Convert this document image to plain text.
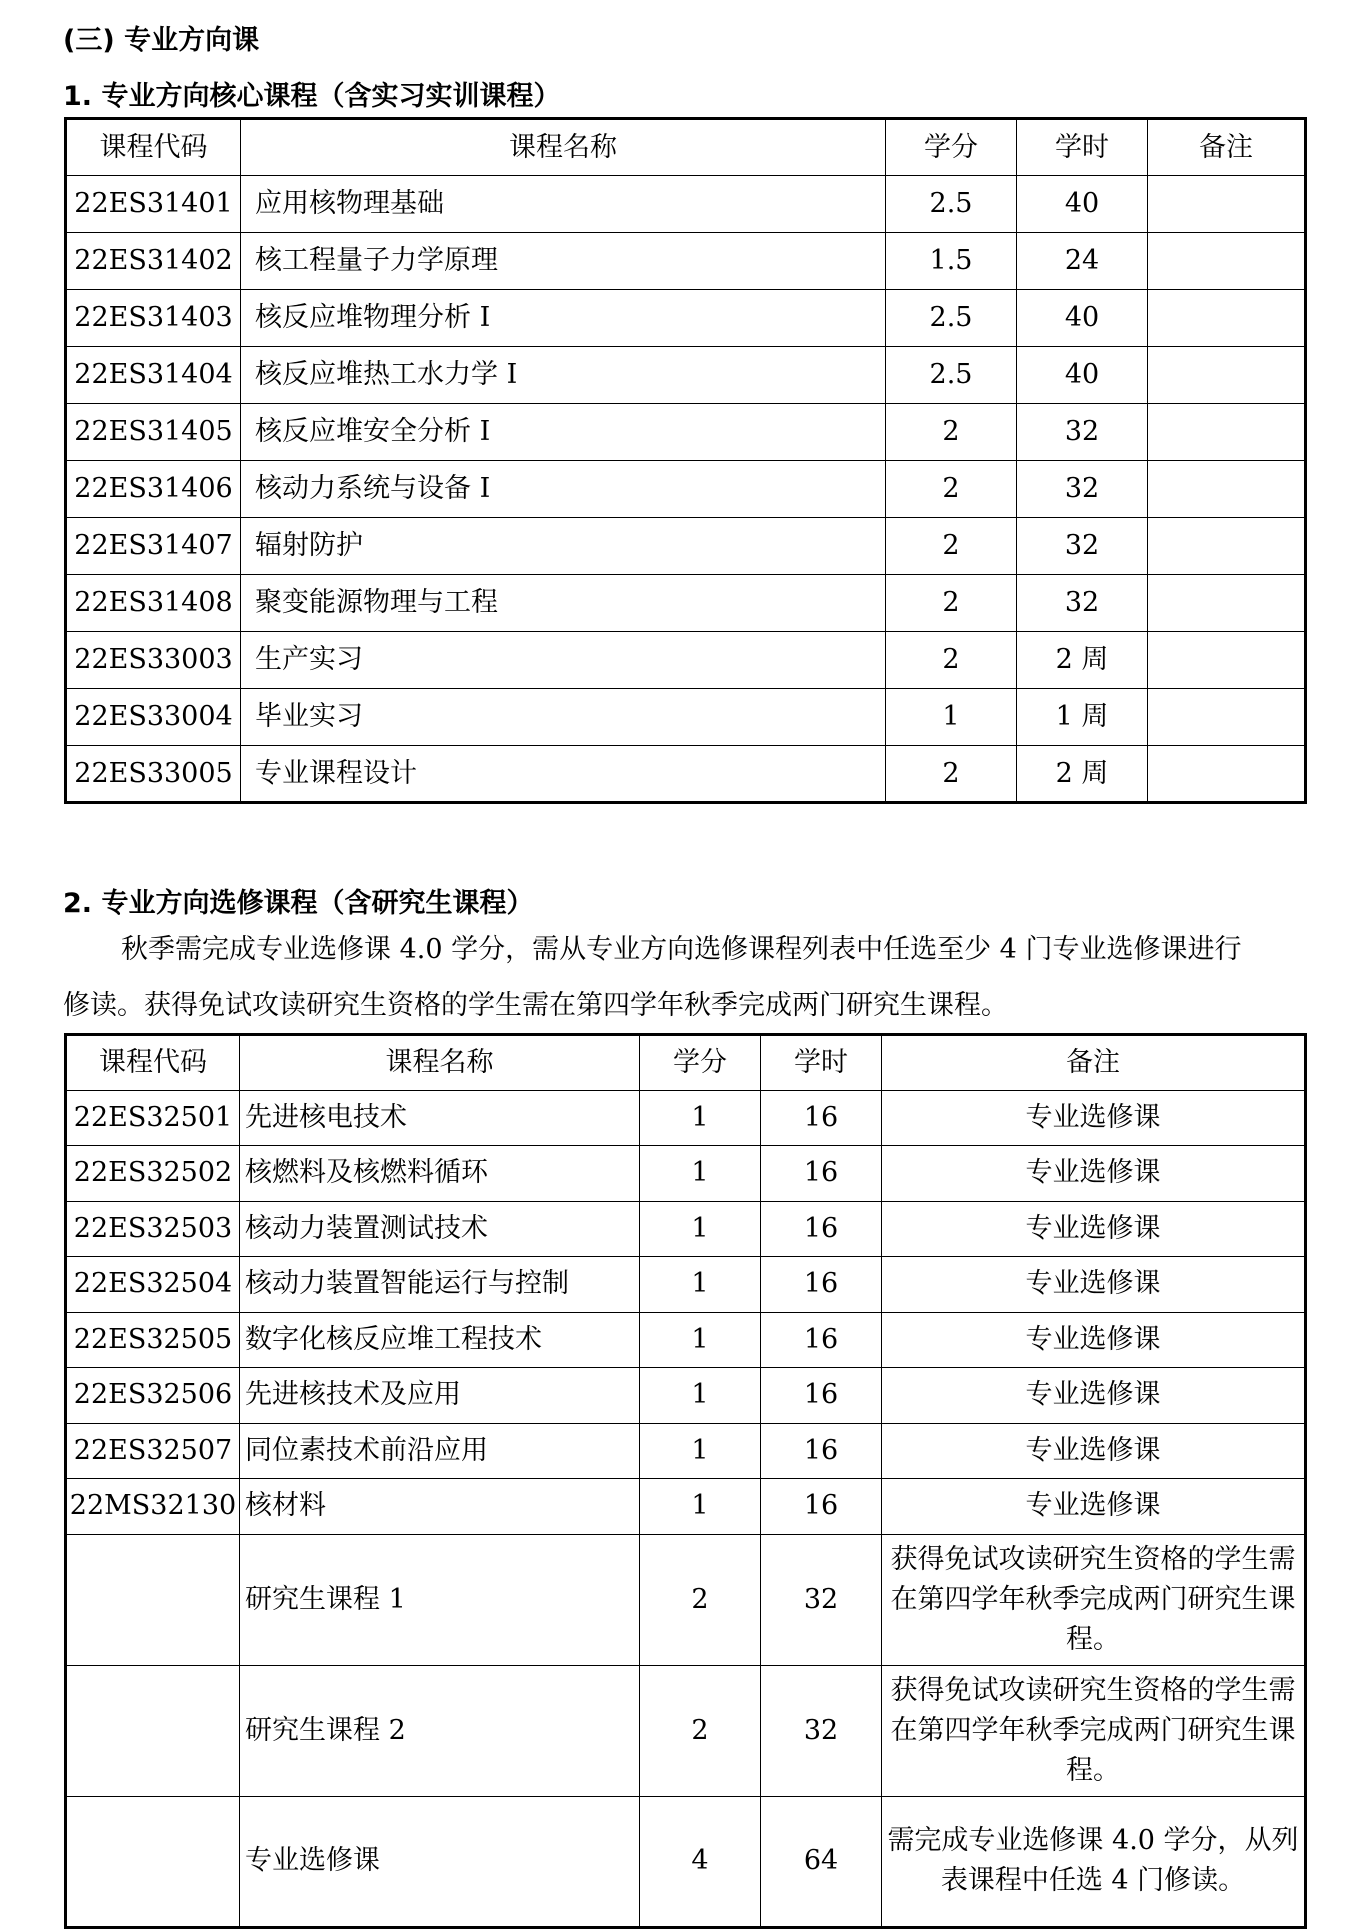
(三) 专业方向课
1. 专业方向核心课程（含实习实训课程）
课程代码	课程名称	学分	学时	备注
22ES31401	应用核物理基础	2.5	40	
22ES31402	核工程量子力学原理	1.5	24	
22ES31403	核反应堆物理分析 I	2.5	40	
22ES31404	核反应堆热工水力学 I	2.5	40	
22ES31405	核反应堆安全分析 I	2	32	
22ES31406	核动力系统与设备 I	2	32	
22ES31407	辐射防护	2	32	
22ES31408	聚变能源物理与工程	2	32	
22ES33003	生产实习	2	2 周	
22ES33004	毕业实习	1	1 周	
22ES33005	专业课程设计	2	2 周	
2. 专业方向选修课程（含研究生课程）
秋季需完成专业选修课 4.0 学分，需从专业方向选修课程列表中任选至少 4 门专业选修课进行
修读。获得免试攻读研究生资格的学生需在第四学年秋季完成两门研究生课程。
课程代码	课程名称	学分	学时	备注
22ES32501	先进核电技术	1	16	专业选修课
22ES32502	核燃料及核燃料循环	1	16	专业选修课
22ES32503	核动力装置测试技术	1	16	专业选修课
22ES32504	核动力装置智能运行与控制	1	16	专业选修课
22ES32505	数字化核反应堆工程技术	1	16	专业选修课
22ES32506	先进核技术及应用	1	16	专业选修课
22ES32507	同位素技术前沿应用	1	16	专业选修课
22MS32130	核材料	1	16	专业选修课
	研究生课程 1	2	32	获得免试攻读研究生资格的学生需在第四学年秋季完成两门研究生课程。
	研究生课程 2	2	32	获得免试攻读研究生资格的学生需在第四学年秋季完成两门研究生课程。
	专业选修课	4	64	需完成专业选修课 4.0 学分，从列表课程中任选 4 门修读。
